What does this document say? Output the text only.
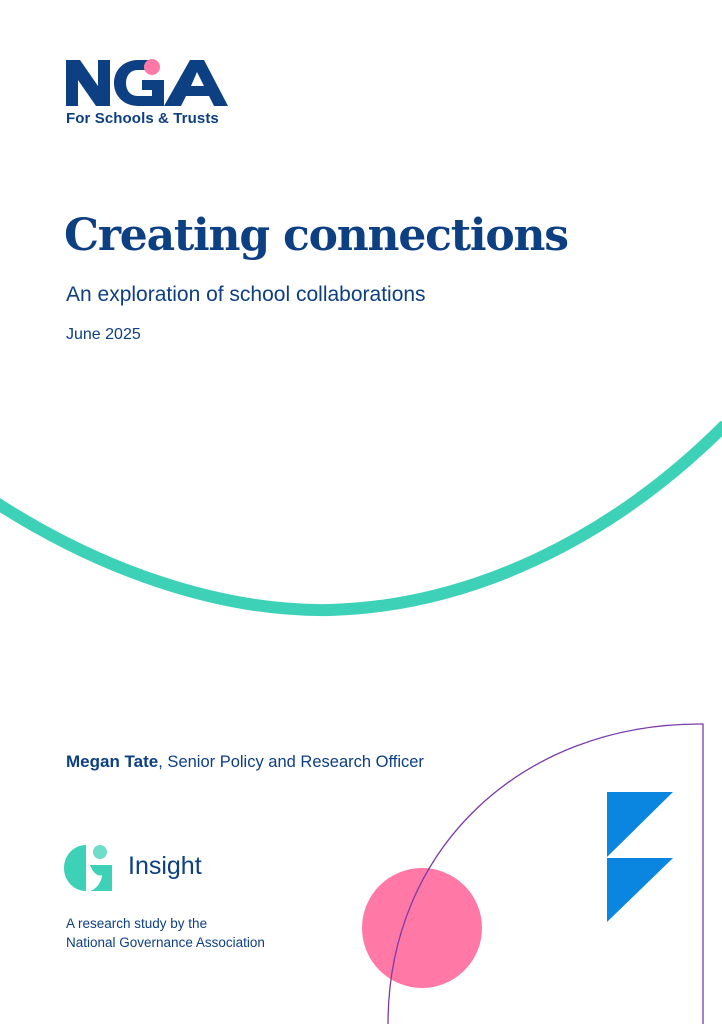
For Schools & Trusts
Creating connections
An exploration of school collaborations
June 2025
Megan Tate, Senior Policy and Research Officer
Insight
A research study by the
National Governance Association
